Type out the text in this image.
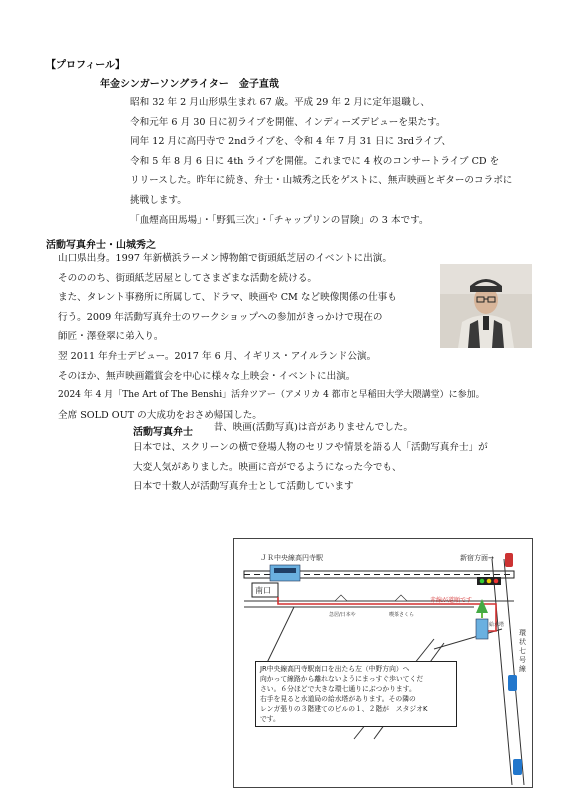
【プロフィール】
年金シンガーソングライター　金子直哉
昭和 32 年 2 月山形県生まれ 67 歳。平成 29 年 2 月に定年退職し、
令和元年 6 月 30 日に初ライブを開催、インディーズデビューを果たす。
同年 12 月に高円寺で 2ndライブを、令和 4 年 7 月 31 日に 3rdライブ、
令和 5 年 8 月 6 日に 4th ライブを開催。これまでに 4 枚のコンサートライブ CD を
リリースした。昨年に続き、弁士・山城秀之氏をゲストに、無声映画とギターのコラボに
挑戦します。
「血煙高田馬場」・「野狐三次」・「チャップリンの冒険」の 3 本です。
活動写真弁士・山城秀之
山口県出身。1997 年新横浜ラーメン博物館で街頭紙芝居のイベントに出演。
そのののち、街頭紙芝居屋としてさまざまな活動を続ける。
また、タレント事務所に所属して、ドラマ、映画や CM など映像関係の仕事も
行う。2009 年活動写真弁士のワークショップへの参加がきっかけで現在の
師匠・澤登翠に弟入り。
翌 2011 年弁士デビュー。2017 年 6 月、イギリス・アイルランド公演。
そのほか、無声映画鑑賞会を中心に様々な上映会・イベントに出演。
2024 年 4 月「The Art of The Benshi」活弁ツアー（アメリカ 4 都市と早稲田大学大隈講堂）に参加。
全席 SOLD OUT の大成功をおさめ帰国した。
活動写真弁士 　昔、映画(活動写真)は音がありませんでした。
日本では、スクリーンの横で登場人物のセリフや情景を語る人「活動写真弁士」が
大変人気がありました。映画に音がでるようになった今でも、
日本で十数人が活動写真弁士として活動しています
ＪＲ中央線高円寺駅
南口
新宿方面→
赤線が道順です
急居/日本や	喫茶さくら
給水塔
環状七号線
JR中央線高円寺駅南口を出たら左（中野方向）へ
向かって線路から離れないようにまっすぐ歩いてくだ
さい。６分ほどで大きな環七通りにぶつかります。
右手を見ると水道局の給水塔があります。その隣の
レンガ張りの３階建てのビルの１、２階が　スタジオK
です。
